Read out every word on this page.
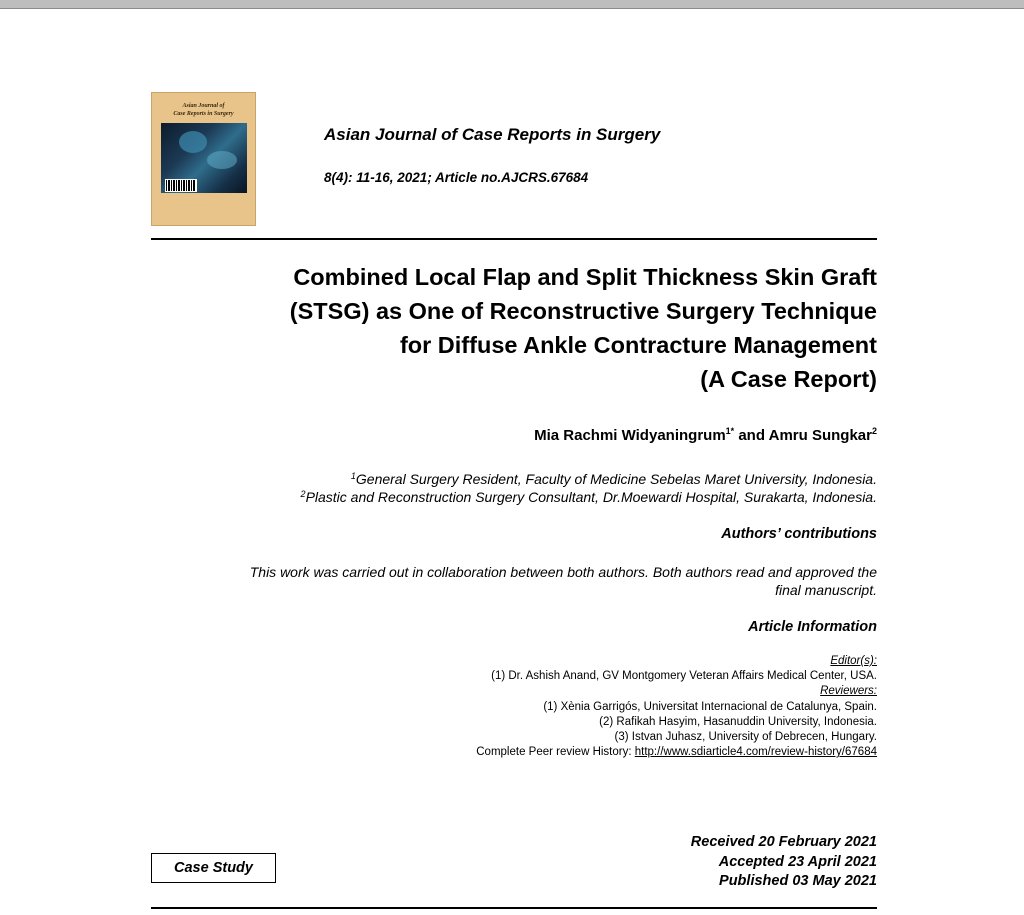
Asian Journal of
Case Reports in Surgery
Asian Journal of Case Reports in Surgery
8(4): 11-16, 2021; Article no.AJCRS.67684
Combined Local Flap and Split Thickness Skin Graft
(STSG) as One of Reconstructive Surgery Technique
for Diffuse Ankle Contracture Management
(A Case Report)
Mia Rachmi Widyaningrum$^{1*}$ and Amru Sungkar$^2$
$^1$General Surgery Resident, Faculty of Medicine Sebelas Maret University, Indonesia.
$^2$Plastic and Reconstruction Surgery Consultant, Dr.Moewardi Hospital, Surakarta, Indonesia.
Authors’ contributions
This work was carried out in collaboration between both authors. Both authors read and approved the
final manuscript.
Article Information
Editor(s):
(1) Dr. Ashish Anand, GV Montgomery Veteran Affairs Medical Center, USA.
Reviewers:
(1) Xènia Garrigós, Universitat Internacional de Catalunya, Spain.
(2) Rafikah Hasyim, Hasanuddin University, Indonesia.
(3) Istvan Juhasz, University of Debrecen, Hungary.
Complete Peer review History: http://www.sdiarticle4.com/review-history/67684
Case Study
Received 20 February 2021
Accepted 23 April 2021
Published 03 May 2021
